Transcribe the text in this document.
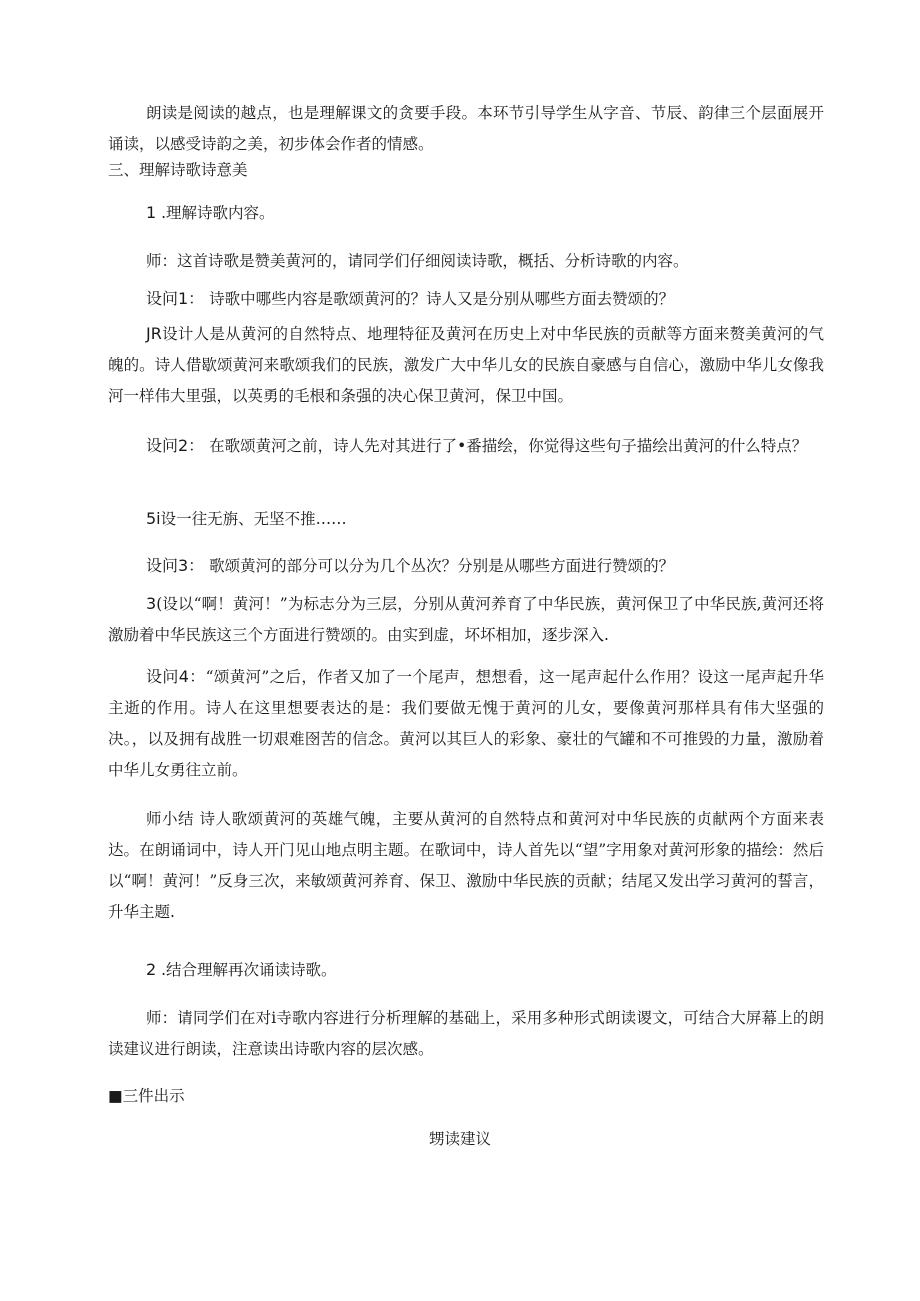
朗读是阅读的越点，也是理解课文的贪要手段。本环节引导学生从字音、节辰、韵律三个层面展开诵读，以感受诗韵之美，初步体会作者的情感。

三、理解诗歌诗意美

1 .理解诗歌内容。

师：这首诗歌是赞美黄河的，请同学们仔细阅读诗歌，概括、分析诗歌的内容。

设问1： 诗歌中哪些内容是歌颂黄河的？诗人又是分别从哪些方面去赞颂的？

JR设计人是从黄河的自然特点、地理特征及黄河在历史上对中华民族的贡献等方面来赘美黄河的气魄的。诗人借歇颂黄河来歌颂我们的民族，激发广大中华儿女的民族自豪感与自信心，激励中华儿女像我河一样伟大里强，以英勇的毛根和条强的决心保卫黄河，保卫中国。

设问2： 在歌颂黄河之前，诗人先对其进行了•番描绘，你觉得这些句子描绘出黄河的什么特点？

5i设一往无旃、无坚不推……

设问3： 歌颂黄河的部分可以分为几个丛次？分别是从哪些方面进行赞颂的？

3(设以“啊！黄河！”为标志分为三层，分别从黄河养育了中华民族，黄河保卫了中华民族,黄河还将激励着中华民族这三个方面进行赞颂的。由实到虚，坏坏相加，逐步深入.

设问4：“颂黄河”之后，作者又加了一个尾声，想想看，这一尾声起什么作用？设这一尾声起升华主逝的作用。诗人在这里想要表达的是：我们要做无愧于黄河的儿女，要像黄河那样具有伟大坚强的决。，以及拥有战胜一切艰难囹苦的信念。黄河以其巨人的彩象、豪壮的气罐和不可推毁的力量，激励着中华儿女勇往立前。

师小结 诗人歌颂黄河的英雄气魄，主要从黄河的自然特点和黄河对中华民族的贞献两个方面来表达。在朗诵词中，诗人开门见山地点明主题。在歌词中，诗人首先以“望”字用象对黄河形象的描绘：然后以“啊！黄河！”反身三次，来敏颂黄河养育、保卫、激励中华民族的贡献；结尾又发出学习黄河的誓言，升华主题.

2 .结合理解再次诵读诗歌。

师：请同学们在对i寺歌内容进行分析理解的基础上，采用多种形式朗读谡文，可结合大屏幕上的朗读建议进行朗读，注意读出诗歌内容的层次感。

■三件出示

甥读建议
